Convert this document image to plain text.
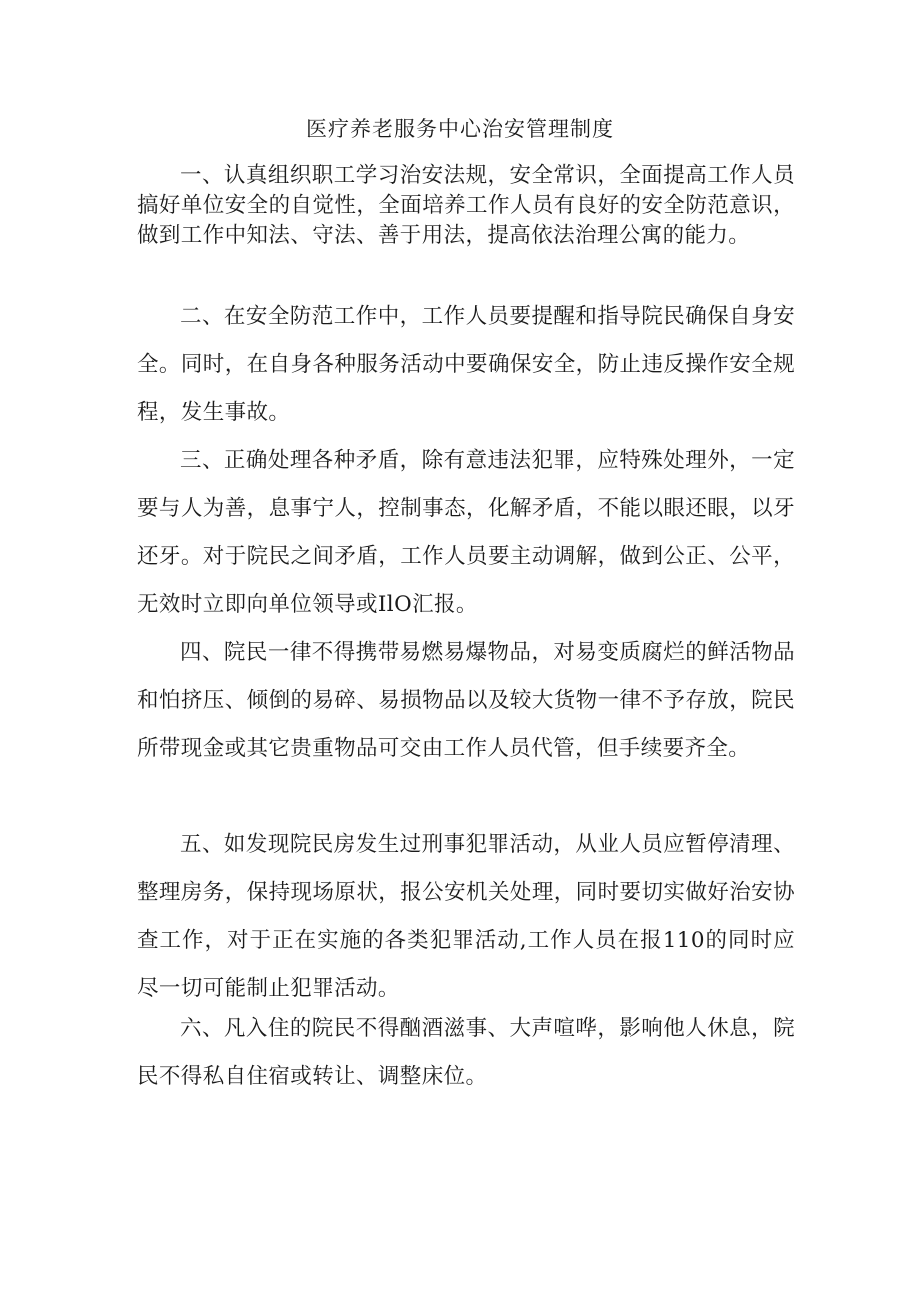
医疗养老服务中心治安管理制度

一、认真组织职工学习治安法规，安全常识，全面提高工作人员搞好单位安全的自觉性，全面培养工作人员有良好的安全防范意识，做到工作中知法、守法、善于用法，提高依法治理公寓的能力。

二、在安全防范工作中，工作人员要提醒和指导院民确保自身安全。同时，在自身各种服务活动中要确保安全，防止违反操作安全规程，发生事故。

三、正确处理各种矛盾，除有意违法犯罪，应特殊处理外，一定要与人为善，息事宁人，控制事态，化解矛盾，不能以眼还眼，以牙还牙。对于院民之间矛盾，工作人员要主动调解，做到公正、公平，无效时立即向单位领导或IlO汇报。

四、院民一律不得携带易燃易爆物品，对易变质腐烂的鲜活物品和怕挤压、倾倒的易碎、易损物品以及较大货物一律不予存放，院民所带现金或其它贵重物品可交由工作人员代管，但手续要齐全。

五、如发现院民房发生过刑事犯罪活动，从业人员应暂停清理、整理房务，保持现场原状，报公安机关处理，同时要切实做好治安协查工作，对于正在实施的各类犯罪活动,工作人员在报110的同时应尽一切可能制止犯罪活动。

六、凡入住的院民不得酗酒滋事、大声喧哗，影响他人休息，院民不得私自住宿或转让、调整床位。
